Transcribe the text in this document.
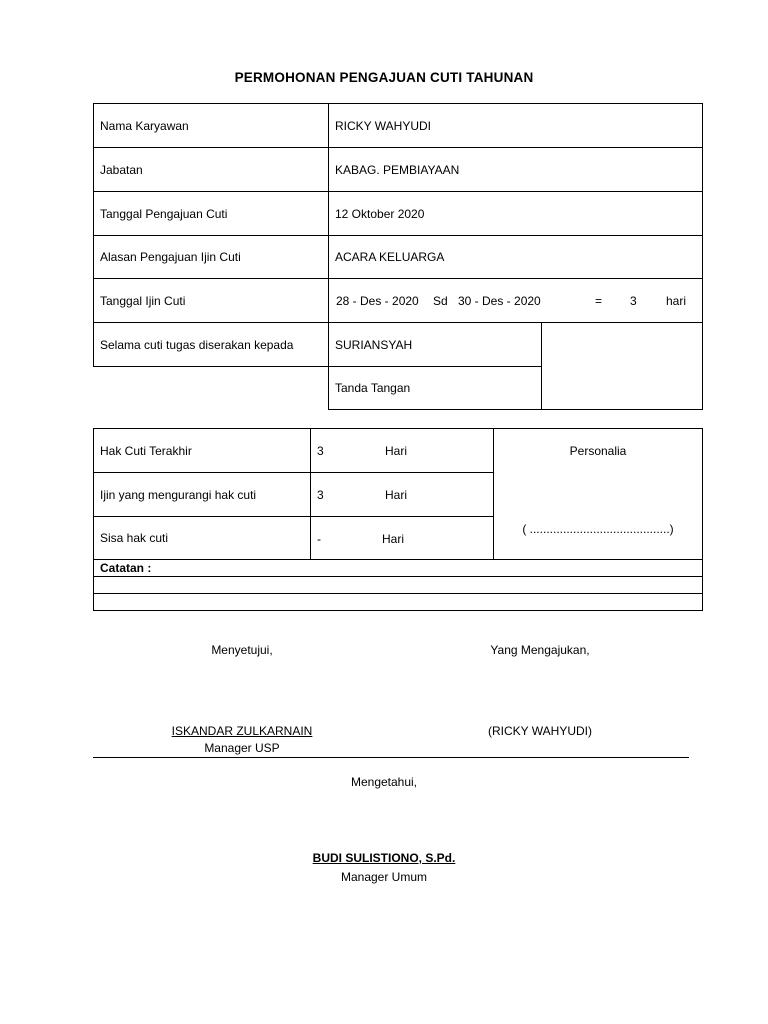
PERMOHONAN PENGAJUAN CUTI TAHUNAN
Nama Karyawan	RICKY WAHYUDI
Jabatan	KABAG. PEMBIAYAAN
Tanggal Pengajuan Cuti	12 Oktober 2020
Alasan Pengajuan Ijin Cuti	ACARA KELUARGA
Tanggal Ijin Cuti	28 - Des - 2020 Sd 30 - Des - 2020	= 3 hari
Selama cuti tugas diserakan kepada	SURIANSYAH
Tanda Tangan
Hak Cuti Terakhir	3	Hari
Ijin yang mengurangi hak cuti	3	Hari
Sisa hak cuti	-	Hari
Personalia
( ..........................................)
Catatan :
Menyetujui,	Yang Mengajukan,
ISKANDAR ZULKARNAIN
Manager USP
(RICKY WAHYUDI)
Mengetahui,
BUDI SULISTIONO, S.Pd.
Manager Umum
